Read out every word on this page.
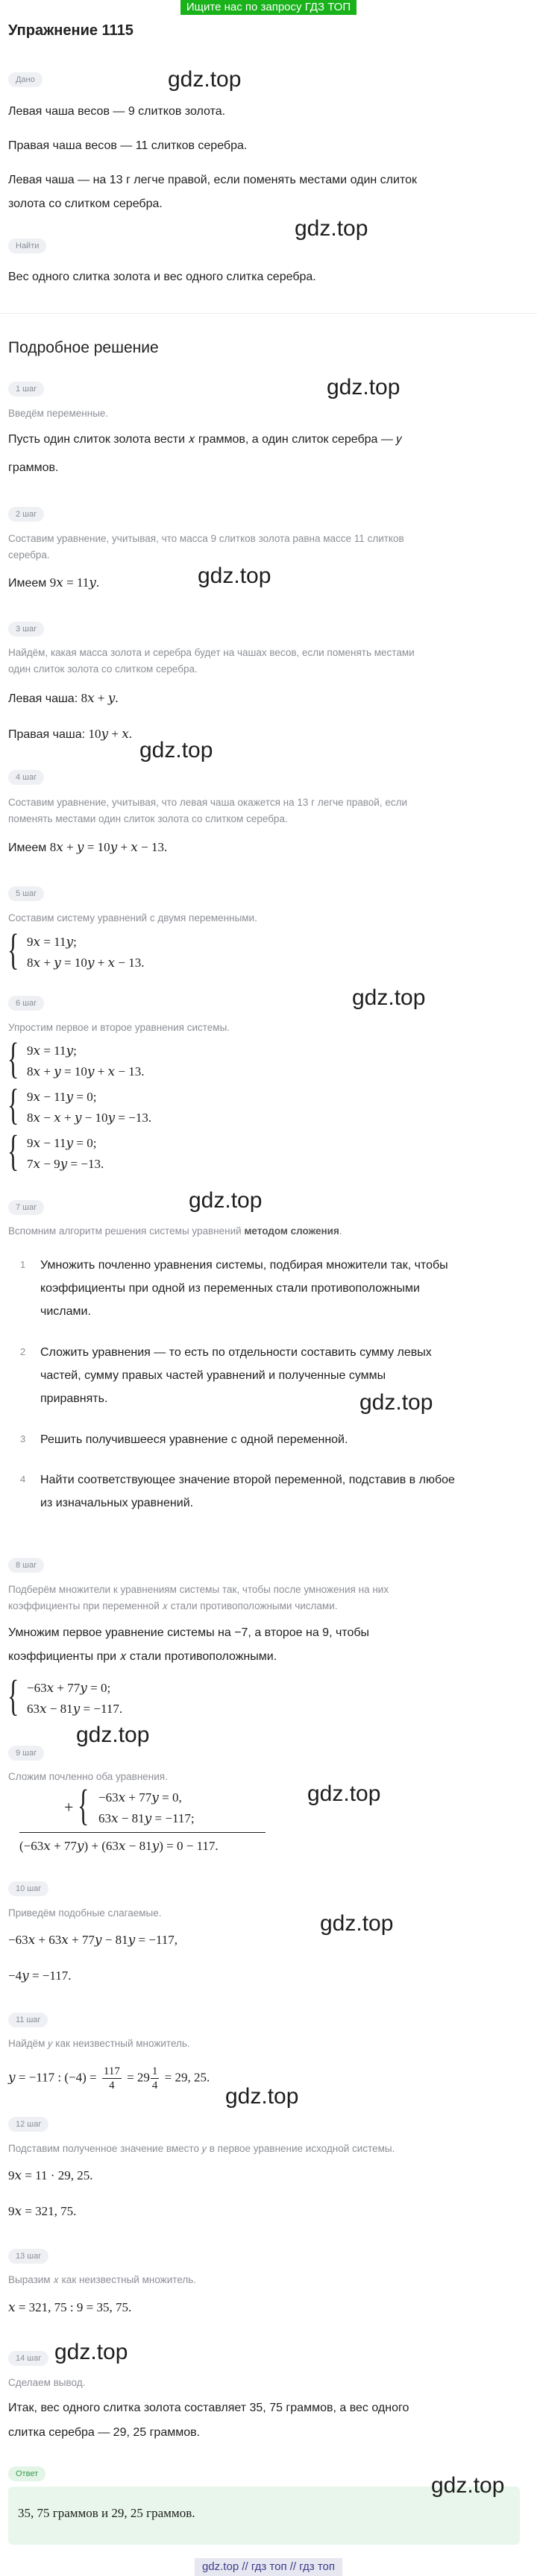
Ищите нас по запросу ГДЗ ТОП
Упражнение 1115
Дано
Левая чаша весов — 9 слитков золота.
Правая чаша весов — 11 слитков серебра.
Левая чаша — на 13 г легче правой, если поменять местами один слиток
золота со слитком серебра.
Найти
Вес одного слитка золота и вес одного слитка серебра.
Подробное решение
1 шаг
Введём переменные.
Пусть один слиток золота вести 𝑥 граммов, а один слиток серебра — 𝑦
граммов.
2 шаг
Составим уравнение, учитывая, что масса 9 слитков золота равна массе 11 слитков
серебра.
Имеем 9𝑥 = 11𝑦.
3 шаг
Найдём, какая масса золота и серебра будет на чашах весов, если поменять местами
один слиток золота со слитком серебра.
Левая чаша: 8𝑥 + 𝑦.
Правая чаша: 10𝑦 + 𝑥.
4 шаг
Составим уравнение, учитывая, что левая чаша окажется на 13 г легче правой, если
поменять местами один слиток золота со слитком серебра.
Имеем 8𝑥 + 𝑦 = 10𝑦 + 𝑥 − 13.
5 шаг
Составим систему уравнений с двумя переменными.
{ 9𝑥 = 11𝑦;
8𝑥 + 𝑦 = 10𝑦 + 𝑥 − 13.
6 шаг
Упростим первое и второе уравнения системы.
{ 9𝑥 = 11𝑦;
8𝑥 + 𝑦 = 10𝑦 + 𝑥 − 13.
{ 9𝑥 − 11𝑦 = 0;
8𝑥 − 𝑥 + 𝑦 − 10𝑦 = −13.
{ 9𝑥 − 11𝑦 = 0;
7𝑥 − 9𝑦 = −13.
7 шаг
Вспомним алгоритм решения системы уравнений методом сложения.
1 Умножить почленно уравнения системы, подбирая множители так, чтобы
коэффициенты при одной из переменных стали противоположными
числами.
2 Сложить уравнения — то есть по отдельности составить сумму левых
частей, сумму правых частей уравнений и полученные суммы
приравнять.
3 Решить получившееся уравнение с одной переменной.
4 Найти соответствующее значение второй переменной, подставив в любое
из изначальных уравнений.
8 шаг
Подберём множители к уравнениям системы так, чтобы после умножения на них
коэффициенты при переменной 𝑥 стали противоположными числами.
Умножим первое уравнение системы на −7, а второе на 9, чтобы
коэффициенты при 𝑥 стали противоположными.
{ −63𝑥 + 77𝑦 = 0;
63𝑥 − 81𝑦 = −117.
9 шаг
Сложим почленно оба уравнения.
+ { −63𝑥 + 77𝑦 = 0,
63𝑥 − 81𝑦 = −117;
(−63𝑥 + 77𝑦) + (63𝑥 − 81𝑦) = 0 − 117.
10 шаг
Приведём подобные слагаемые.
−63𝑥 + 63𝑥 + 77𝑦 − 81𝑦 = −117,
−4𝑦 = −117.
11 шаг
Найдём 𝑦 как неизвестный множитель.
𝑦 = −117 : $(-4) = \frac{117}{4} = 29 \frac{1}{4} = 29$, 25.
12 шаг
Подставим полученное значение вместо 𝑦 в первое уравнение исходной системы.
9𝑥 = 11 · 29, 25.
9𝑥 = 321, 75.
13 шаг
Выразим 𝑥 как неизвестный множитель.
𝑥 = 321, 75 : 9 = 35, 75.
14 шаг
Сделаем вывод.
Итак, вес одного слитка золота составляет 35, 75 граммов, а вес одного
слитка серебра — 29, 25 граммов.
Ответ
35, 75 граммов и 29, 25 граммов.
gdz.top
gdz.top
gdz.top
gdz.top
gdz.top
gdz.top
gdz.top
gdz.top
gdz.top
gdz.top
gdz.top
gdz.top
gdz.top
gdz.top
gdz.top // гдз топ // гдз топ
